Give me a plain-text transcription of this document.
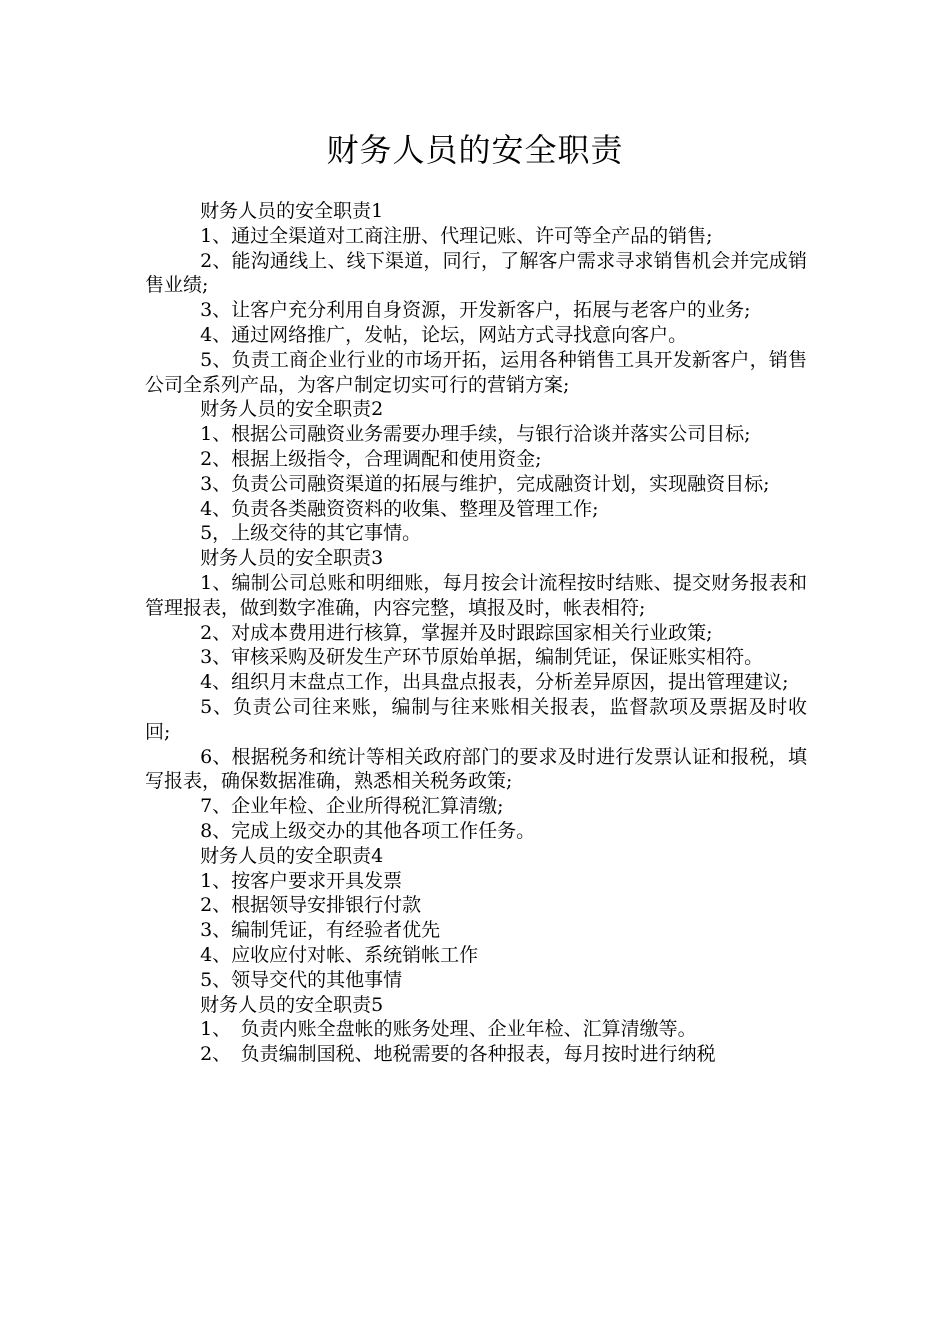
财务人员的安全职责

财务人员的安全职责1

1、通过全渠道对工商注册、代理记账、许可等全产品的销售;

2、能沟通线上、线下渠道，同行，了解客户需求寻求销售机会并完成销售业绩;

3、让客户充分利用自身资源，开发新客户，拓展与老客户的业务;

4、通过网络推广，发帖，论坛，网站方式寻找意向客户。

5、负责工商企业行业的市场开拓，运用各种销售工具开发新客户，销售公司全系列产品，为客户制定切实可行的营销方案;

财务人员的安全职责2

1、根据公司融资业务需要办理手续，与银行洽谈并落实公司目标;

2、根据上级指令，合理调配和使用资金;

3、负责公司融资渠道的拓展与维护，完成融资计划，实现融资目标;

4、负责各类融资资料的收集、整理及管理工作;

5，上级交待的其它事情。

财务人员的安全职责3

1、编制公司总账和明细账，每月按会计流程按时结账、提交财务报表和管理报表，做到数字准确，内容完整，填报及时，帐表相符;

2、对成本费用进行核算，掌握并及时跟踪国家相关行业政策;

3、审核采购及研发生产环节原始单据，编制凭证，保证账实相符。

4、组织月末盘点工作，出具盘点报表，分析差异原因，提出管理建议;

5、负责公司往来账，编制与往来账相关报表，监督款项及票据及时收回;

6、根据税务和统计等相关政府部门的要求及时进行发票认证和报税，填写报表，确保数据准确，熟悉相关税务政策;

7、企业年检、企业所得税汇算清缴;

8、完成上级交办的其他各项工作任务。

财务人员的安全职责4

1、按客户要求开具发票

2、根据领导安排银行付款

3、编制凭证，有经验者优先

4、应收应付对帐、系统销帐工作

5、领导交代的其他事情

财务人员的安全职责5

1、　负责内账全盘帐的账务处理、企业年检、汇算清缴等。

2、　负责编制国税、地税需要的各种报表，每月按时进行纳税
